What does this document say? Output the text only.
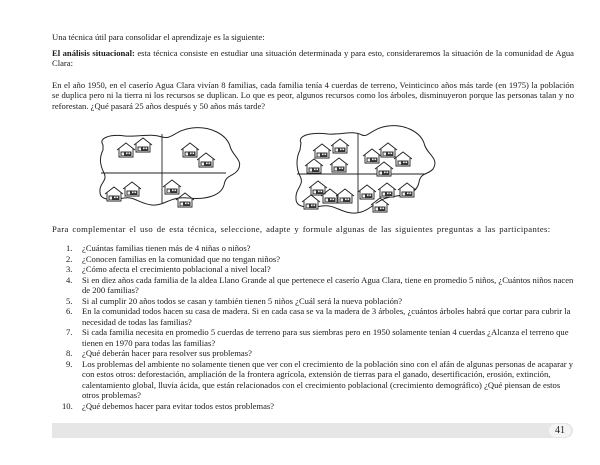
Una técnica útil para consolidar el aprendizaje es la siguiente:
El análisis situacional: esta técnica consiste en estudiar una situación determinada y para esto, consideraremos la situación de la comunidad de Agua Clara:
En el año 1950, en el caserío Agua Clara vivían 8 familias, cada familia tenía 4 cuerdas de terreno, Veinticinco años más tarde (en 1975) la población se duplica pero ni la tierra ni los recursos se duplican. Lo que es peor, algunos recursos como los árboles, disminuyeron porque las personas talan y no reforestan. ¿Qué pasará 25 años después y 50 años más tarde?
Para complementar el uso de esta técnica, seleccione, adapte y formule algunas de las siguientes preguntas a las participantes:
1.	¿Cuántas familias tienen más de 4 niñas o niños?
2.	¿Conocen familias en la comunidad que no tengan niños?
3.	¿Cómo afecta el crecimiento poblacional a nivel local?
4.	Si en diez años cada familia de la aldea Llano Grande al que pertenece el caserío Agua Clara, tiene en promedio 5 niños, ¿Cuántos niños nacen de 200 familias?
5.	Si al cumplir 20 años todos se casan y también tienen 5 niños ¿Cuál será la nueva población?
6.	En la comunidad todos hacen su casa de madera. Si en cada casa se va la madera de 3 árboles, ¿cuántos árboles habrá que cortar para cubrir la necesidad de todas las familias?
7.	Si cada familia necesita en promedio 5 cuerdas de terreno para sus siembras pero en 1950 solamente tenían 4 cuerdas ¿Alcanza el terreno que tienen en 1970 para todas las familias?
8.	¿Qué deberán hacer para resolver sus problemas?
9.	Los problemas del ambiente no solamente tienen que ver con el crecimiento de la población sino con el afán de algunas personas de acaparar y con estos otros: deforestación, ampliación de la frontera agrícola, extensión de tierras para el ganado, desertificación, erosión, extinción, calentamiento global, lluvia ácida, que están relacionados con el crecimiento poblacional (crecimiento demográfico) ¿Qué piensan de estos otros problemas?
10.	¿Qué debemos hacer para evitar todos estos problemas?
41
